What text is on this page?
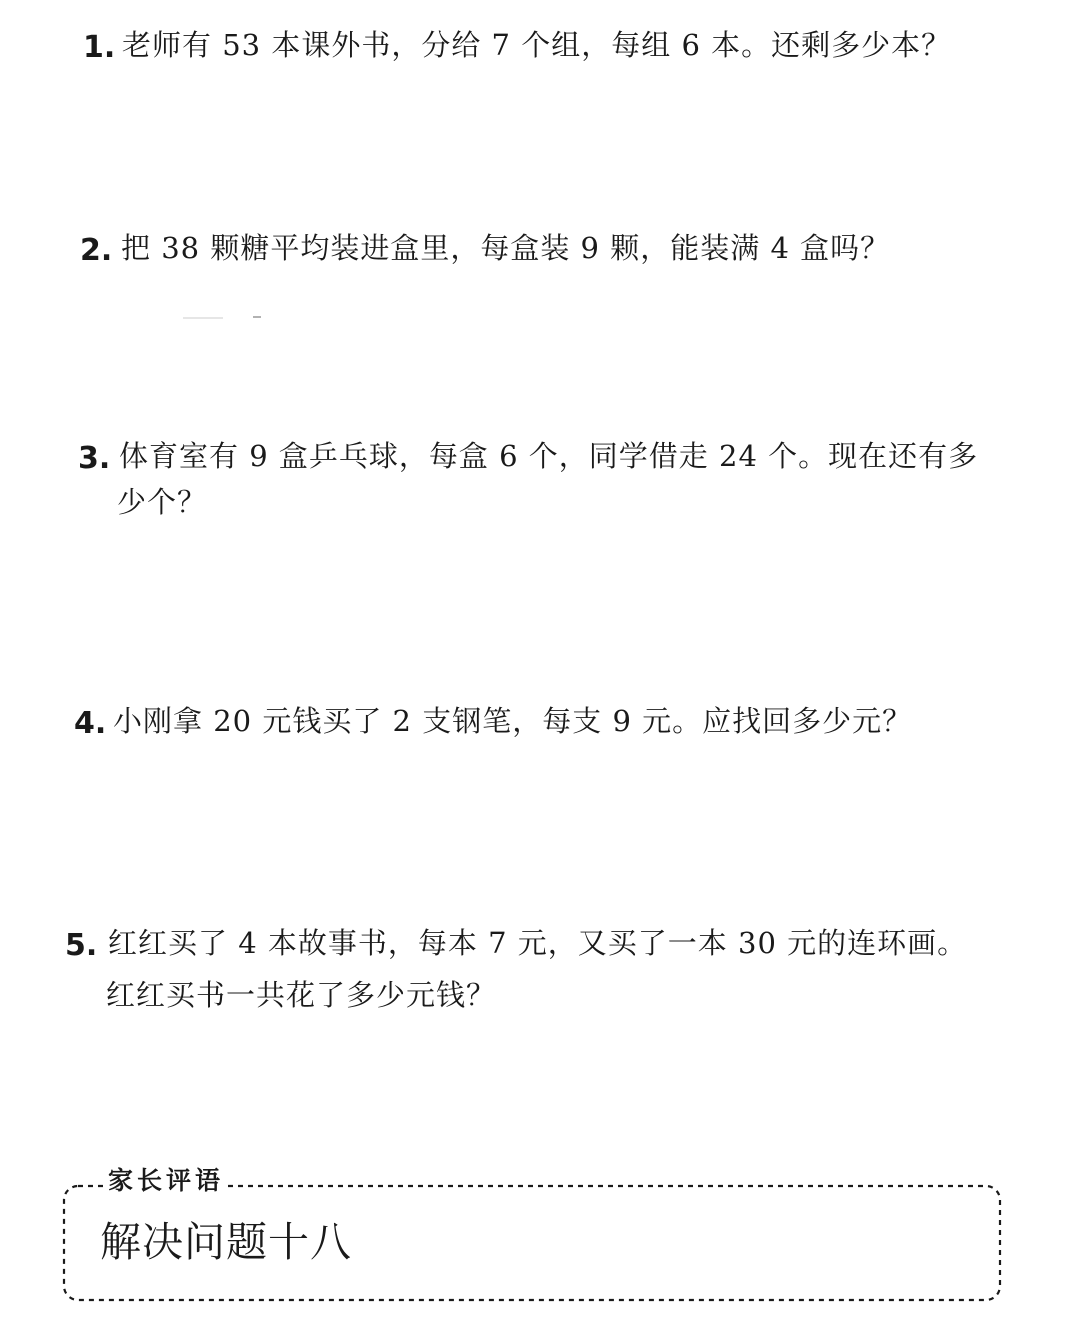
1. 老师有 53 本课外书，分给 7 个组，每组 6 本。还剩多少本？
2. 把 38 颗糖平均装进盒里，每盒装 9 颗，能装满 4 盒吗？
3. 体育室有 9 盒乒乓球，每盒 6 个，同学借走 24 个。现在还有多
少个？
4. 小刚拿 20 元钱买了 2 支钢笔，每支 9 元。应找回多少元？
5. 红红买了 4 本故事书，每本 7 元，又买了一本 30 元的连环画。
红红买书一共花了多少元钱？
家长评语
解决问题十八
